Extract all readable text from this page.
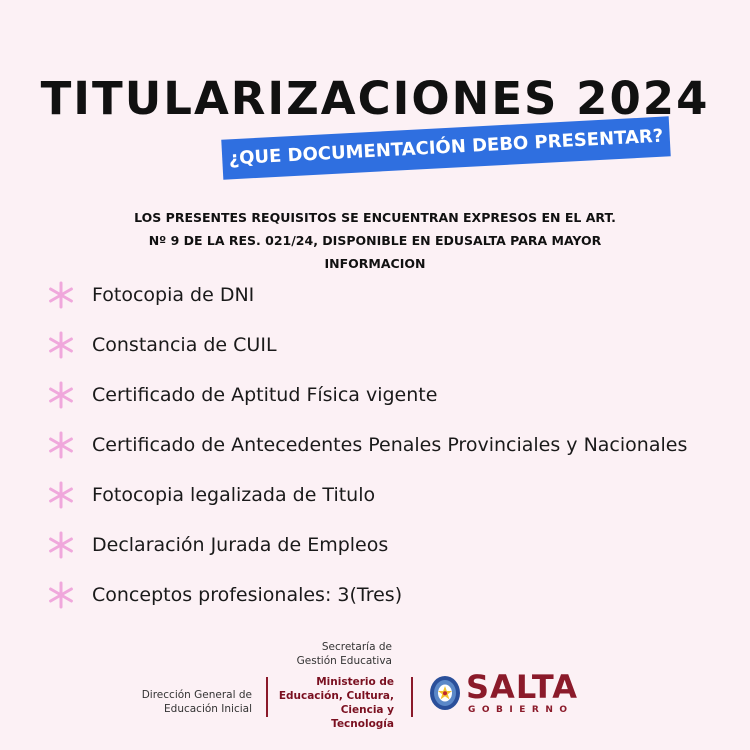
TITULARIZACIONES 2024
¿QUE DOCUMENTACIÓN DEBO PRESENTAR?
LOS PRESENTES REQUISITOS SE ENCUENTRAN EXPRESOS EN EL ART.
Nº 9 DE LA RES. 021/24, DISPONIBLE EN EDUSALTA PARA MAYOR
INFORMACION
Fotocopia de DNI
Constancia de CUIL
Certificado de Aptitud Física vigente
Certificado de Antecedentes Penales Provinciales y Nacionales
Fotocopia legalizada de Titulo
Declaración Jurada de Empleos
Conceptos profesionales: 3(Tres)
Secretaría de
Gestión Educativa
Dirección General de
Educación Inicial
Ministerio de
Educación, Cultura,
Ciencia y Tecnología
SALTA
GOBIERNO
